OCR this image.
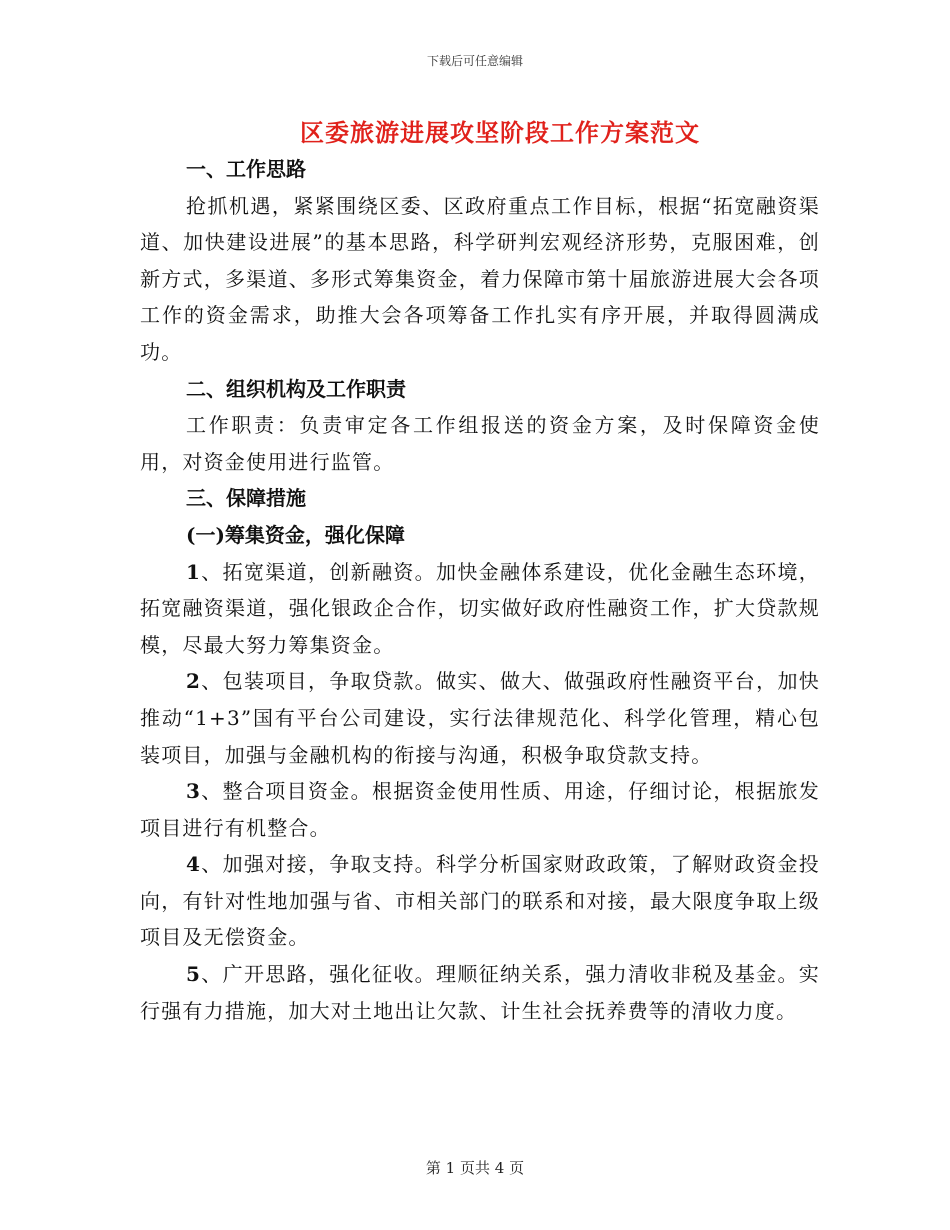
下载后可任意编辑
区委旅游进展攻坚阶段工作方案范文

一、工作思路

抢抓机遇，紧紧围绕区委、区政府重点工作目标，根据“拓宽融资渠道、加快建设进展”的基本思路，科学研判宏观经济形势，克服困难，创新方式，多渠道、多形式筹集资金，着力保障市第十届旅游进展大会各项工作的资金需求，助推大会各项筹备工作扎实有序开展，并取得圆满成功。

二、组织机构及工作职责

工作职责：负责审定各工作组报送的资金方案，及时保障资金使用，对资金使用进行监管。

三、保障措施

(一)筹集资金，强化保障

1、拓宽渠道，创新融资。加快金融体系建设，优化金融生态环境，拓宽融资渠道，强化银政企合作，切实做好政府性融资工作，扩大贷款规模，尽最大努力筹集资金。

2、包装项目，争取贷款。做实、做大、做强政府性融资平台，加快推动“1+3”国有平台公司建设，实行法律规范化、科学化管理，精心包装项目，加强与金融机构的衔接与沟通，积极争取贷款支持。

3、整合项目资金。根据资金使用性质、用途，仔细讨论，根据旅发项目进行有机整合。

4、加强对接，争取支持。科学分析国家财政政策，了解财政资金投向，有针对性地加强与省、市相关部门的联系和对接，最大限度争取上级项目及无偿资金。

5、广开思路，强化征收。理顺征纳关系，强力清收非税及基金。实行强有力措施，加大对土地出让欠款、计生社会抚养费等的清收力度。

第 1 页共 4 页
